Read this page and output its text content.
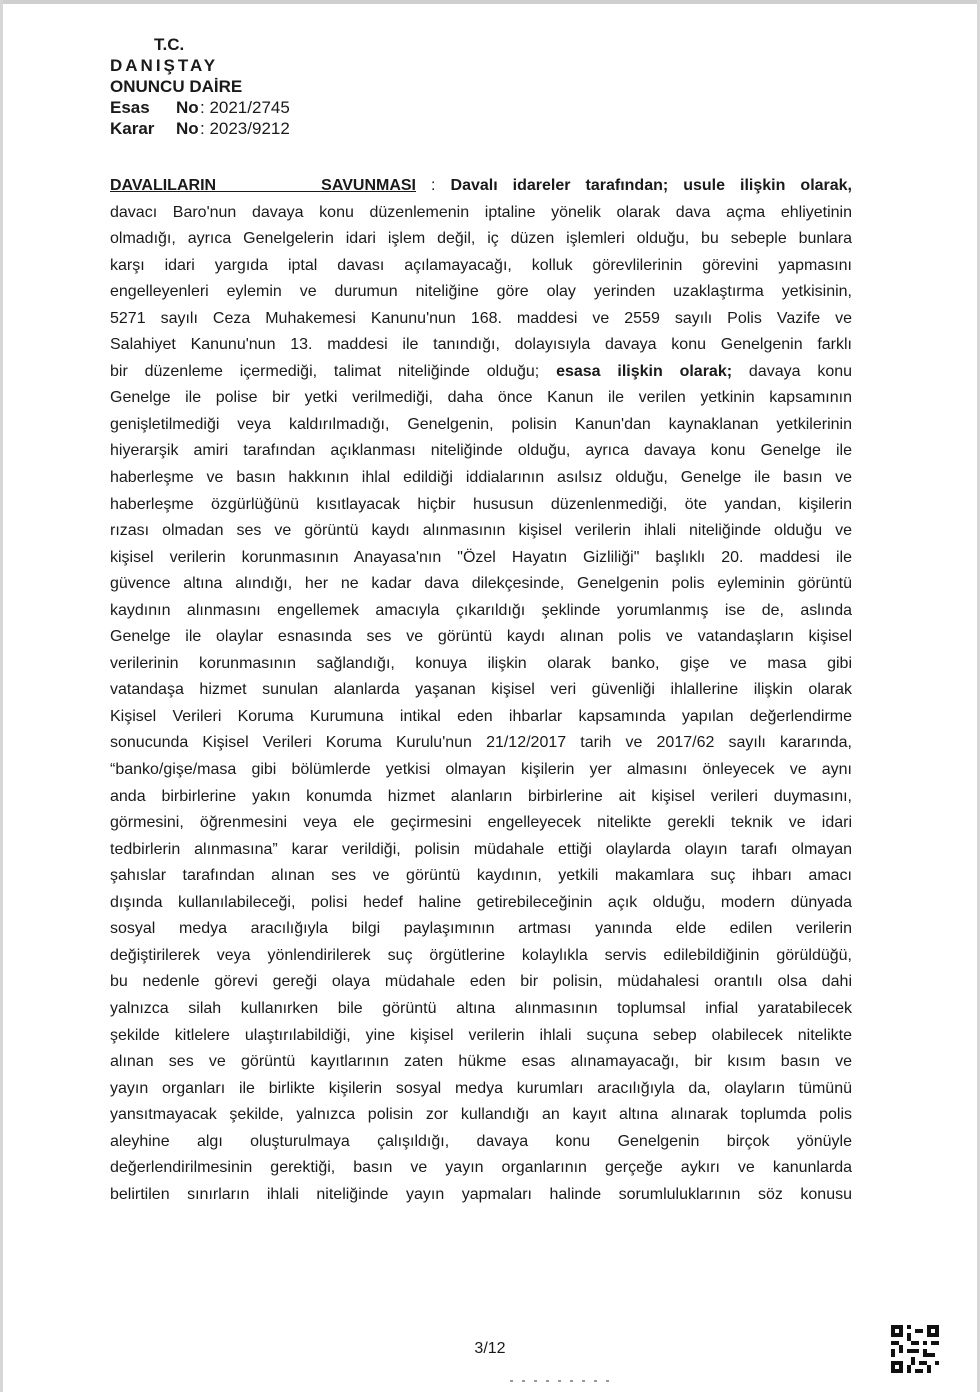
T.C.
DANIŞTAY
ONUNCU DAİRE
Esas	No : 2021/2745
Karar	No : 2023/9212
DAVALILARIN SAVUNMASI : Davalı idareler tarafından; usule ilişkin olarak,
davacı Baro'nun davaya konu düzenlemenin iptaline yönelik olarak dava açma ehliyetinin
olmadığı, ayrıca Genelgelerin idari işlem değil, iç düzen işlemleri olduğu, bu sebeple bunlara
karşı idari yargıda iptal davası açılamayacağı, kolluk görevlilerinin görevini yapmasını
engelleyenleri eylemin ve durumun niteliğine göre olay yerinden uzaklaştırma yetkisinin,
5271 sayılı Ceza Muhakemesi Kanunu'nun 168. maddesi ve 2559 sayılı Polis Vazife ve
Salahiyet Kanunu'nun 13. maddesi ile tanındığı, dolayısıyla davaya konu Genelgenin farklı
bir düzenleme içermediği, talimat niteliğinde olduğu; esasa ilişkin olarak; davaya konu
Genelge ile polise bir yetki verilmediği, daha önce Kanun ile verilen yetkinin kapsamının
genişletilmediği veya kaldırılmadığı, Genelgenin, polisin Kanun'dan kaynaklanan yetkilerinin
hiyerarşik amiri tarafından açıklanması niteliğinde olduğu, ayrıca davaya konu Genelge ile
haberleşme ve basın hakkının ihlal edildiği iddialarının asılsız olduğu, Genelge ile basın ve
haberleşme özgürlüğünü kısıtlayacak hiçbir hususun düzenlenmediği, öte yandan, kişilerin
rızası olmadan ses ve görüntü kaydı alınmasının kişisel verilerin ihlali niteliğinde olduğu ve
kişisel verilerin korunmasının Anayasa'nın "Özel Hayatın Gizliliği" başlıklı 20. maddesi ile
güvence altına alındığı, her ne kadar dava dilekçesinde, Genelgenin polis eyleminin görüntü
kaydının alınmasını engellemek amacıyla çıkarıldığı şeklinde yorumlanmış ise de, aslında
Genelge ile olaylar esnasında ses ve görüntü kaydı alınan polis ve vatandaşların kişisel
verilerinin korunmasının sağlandığı, konuya ilişkin olarak banko, gişe ve masa gibi
vatandaşa hizmet sunulan alanlarda yaşanan kişisel veri güvenliği ihlallerine ilişkin olarak
Kişisel Verileri Koruma Kurumuna intikal eden ihbarlar kapsamında yapılan değerlendirme
sonucunda Kişisel Verileri Koruma Kurulu'nun 21/12/2017 tarih ve 2017/62 sayılı kararında,
“banko/gişe/masa gibi bölümlerde yetkisi olmayan kişilerin yer almasını önleyecek ve aynı
anda birbirlerine yakın konumda hizmet alanların birbirlerine ait kişisel verileri duymasını,
görmesini, öğrenmesini veya ele geçirmesini engelleyecek nitelikte gerekli teknik ve idari
tedbirlerin alınmasına” karar verildiği, polisin müdahale ettiği olaylarda olayın tarafı olmayan
şahıslar tarafından alınan ses ve görüntü kaydının, yetkili makamlara suç ihbarı amacı
dışında kullanılabileceği, polisi hedef haline getirebileceğinin açık olduğu, modern dünyada
sosyal medya aracılığıyla bilgi paylaşımının artması yanında elde edilen verilerin
değiştirilerek veya yönlendirilerek suç örgütlerine kolaylıkla servis edilebildiğinin görüldüğü,
bu nedenle görevi gereği olaya müdahale eden bir polisin, müdahalesi orantılı olsa dahi
yalnızca silah kullanırken bile görüntü altına alınmasının toplumsal infial yaratabilecek
şekilde kitlelere ulaştırılabildiği, yine kişisel verilerin ihlali suçuna sebep olabilecek nitelikte
alınan ses ve görüntü kayıtlarının zaten hükme esas alınamayacağı, bir kısım basın ve
yayın organları ile birlikte kişilerin sosyal medya kurumları aracılığıyla da, olayların tümünü
yansıtmayacak şekilde, yalnızca polisin zor kullandığı an kayıt altına alınarak toplumda polis
aleyhine algı oluşturulmaya çalışıldığı, davaya konu Genelgenin birçok yönüyle
değerlendirilmesinin gerektiği, basın ve yayın organlarının gerçeğe aykırı ve kanunlarda
belirtilen sınırların ihlali niteliğinde yayın yapmaları halinde sorumluluklarının söz konusu
3/12
